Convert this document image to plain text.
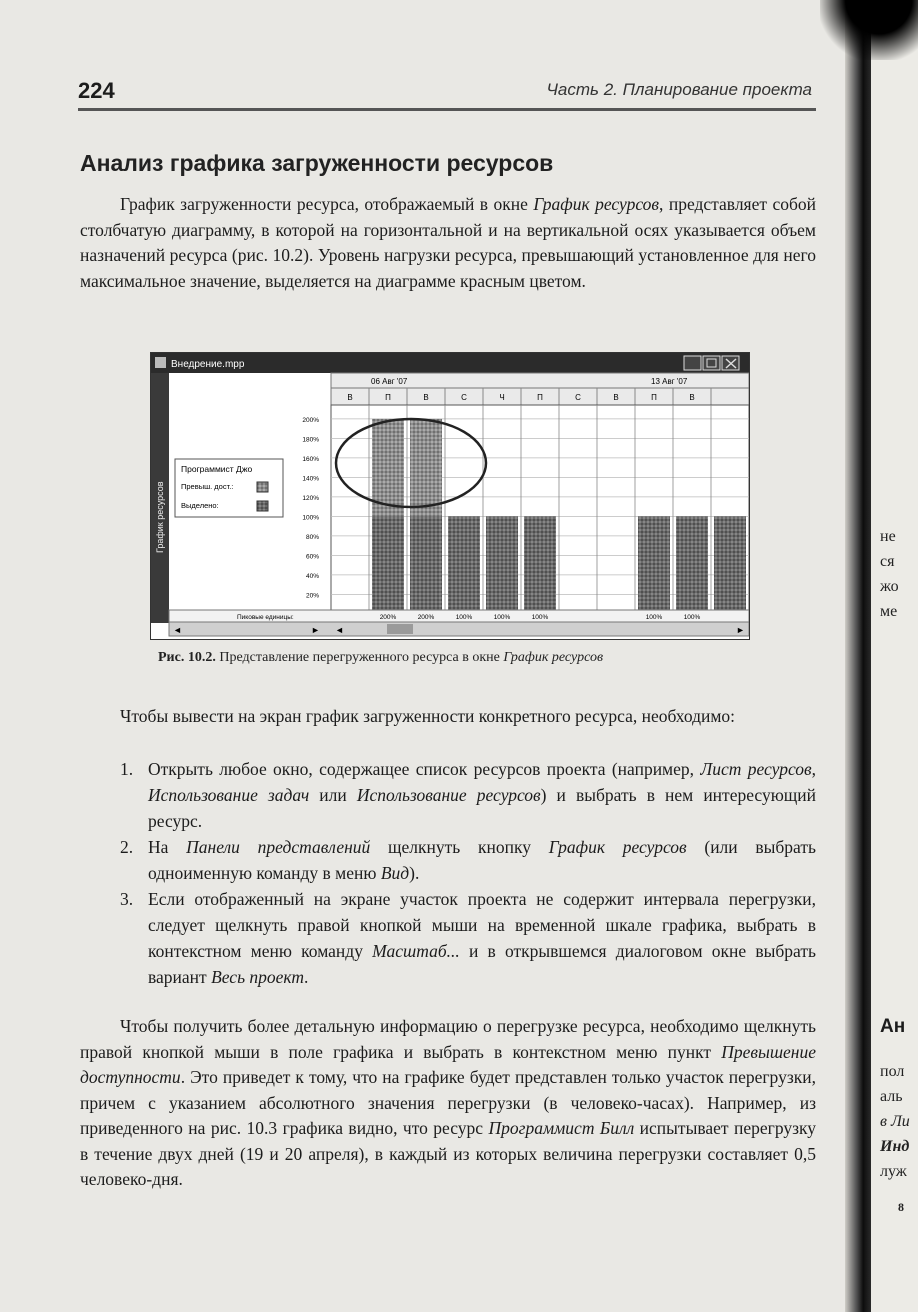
224	Часть 2. Планирование проекта
Анализ графика загруженности ресурсов

График загруженности ресурса, отображаемый в окне График ресурсов, представляет собой столбчатую диаграмму, в которой на горизонтальной и на вертикальной осях указывается объем назначений ресурса (рис. 10.2). Уровень нагрузки ресурса, превышающий установленное для него максимальное значение, выделяется на диаграмме красным цветом.

Внедрение.mpp
График ресурсов
06 Авг '07	13 Авг '07
В	П	В	С	Ч	П	С	В	П	В
200%
180%
160%
140%
120%
100%
80%
60%
40%
20%
Программист Джо
Превыш. дост.:
Выделено:
Пиковые единицы:	200%	200%	100%	100%	100%	100%	100%
◄	► ◄	►
Рис. 10.2. Представление перегруженного ресурса в окне График ресурсов

Чтобы вывести на экран график загруженности конкретного ресурса, необходимо:

1. Открыть любое окно, содержащее список ресурсов проекта (например, Лист ресурсов, Использование задач или Использование ресурсов) и выбрать в нем интересующий ресурс.
2. На Панели представлений щелкнуть кнопку График ресурсов (или выбрать одноименную команду в меню Вид).
3. Если отображенный на экране участок проекта не содержит интервала перегрузки, следует щелкнуть правой кнопкой мыши на временной шкале графика, выбрать в контекстном меню команду Масштаб... и в открывшемся диалоговом окне выбрать вариант Весь проект.

Чтобы получить более детальную информацию о перегрузке ресурса, необходимо щелкнуть правой кнопкой мыши в поле графика и выбрать в контекстном меню пункт Превышение доступности. Это приведет к тому, что на графике будет представлен только участок перегрузки, причем с указанием абсолютного значения перегрузки (в человеко-часах). Например, из приведенного на рис. 10.3 графика видно, что ресурс Программист Билл испытывает перегрузку в течение двух дней (19 и 20 апреля), в каждый из которых величина перегрузки составляет 0,5 человеко-дня.

не
ся
жо
ме
Ан
пол
аль
в Ли
Инд
луж
8
